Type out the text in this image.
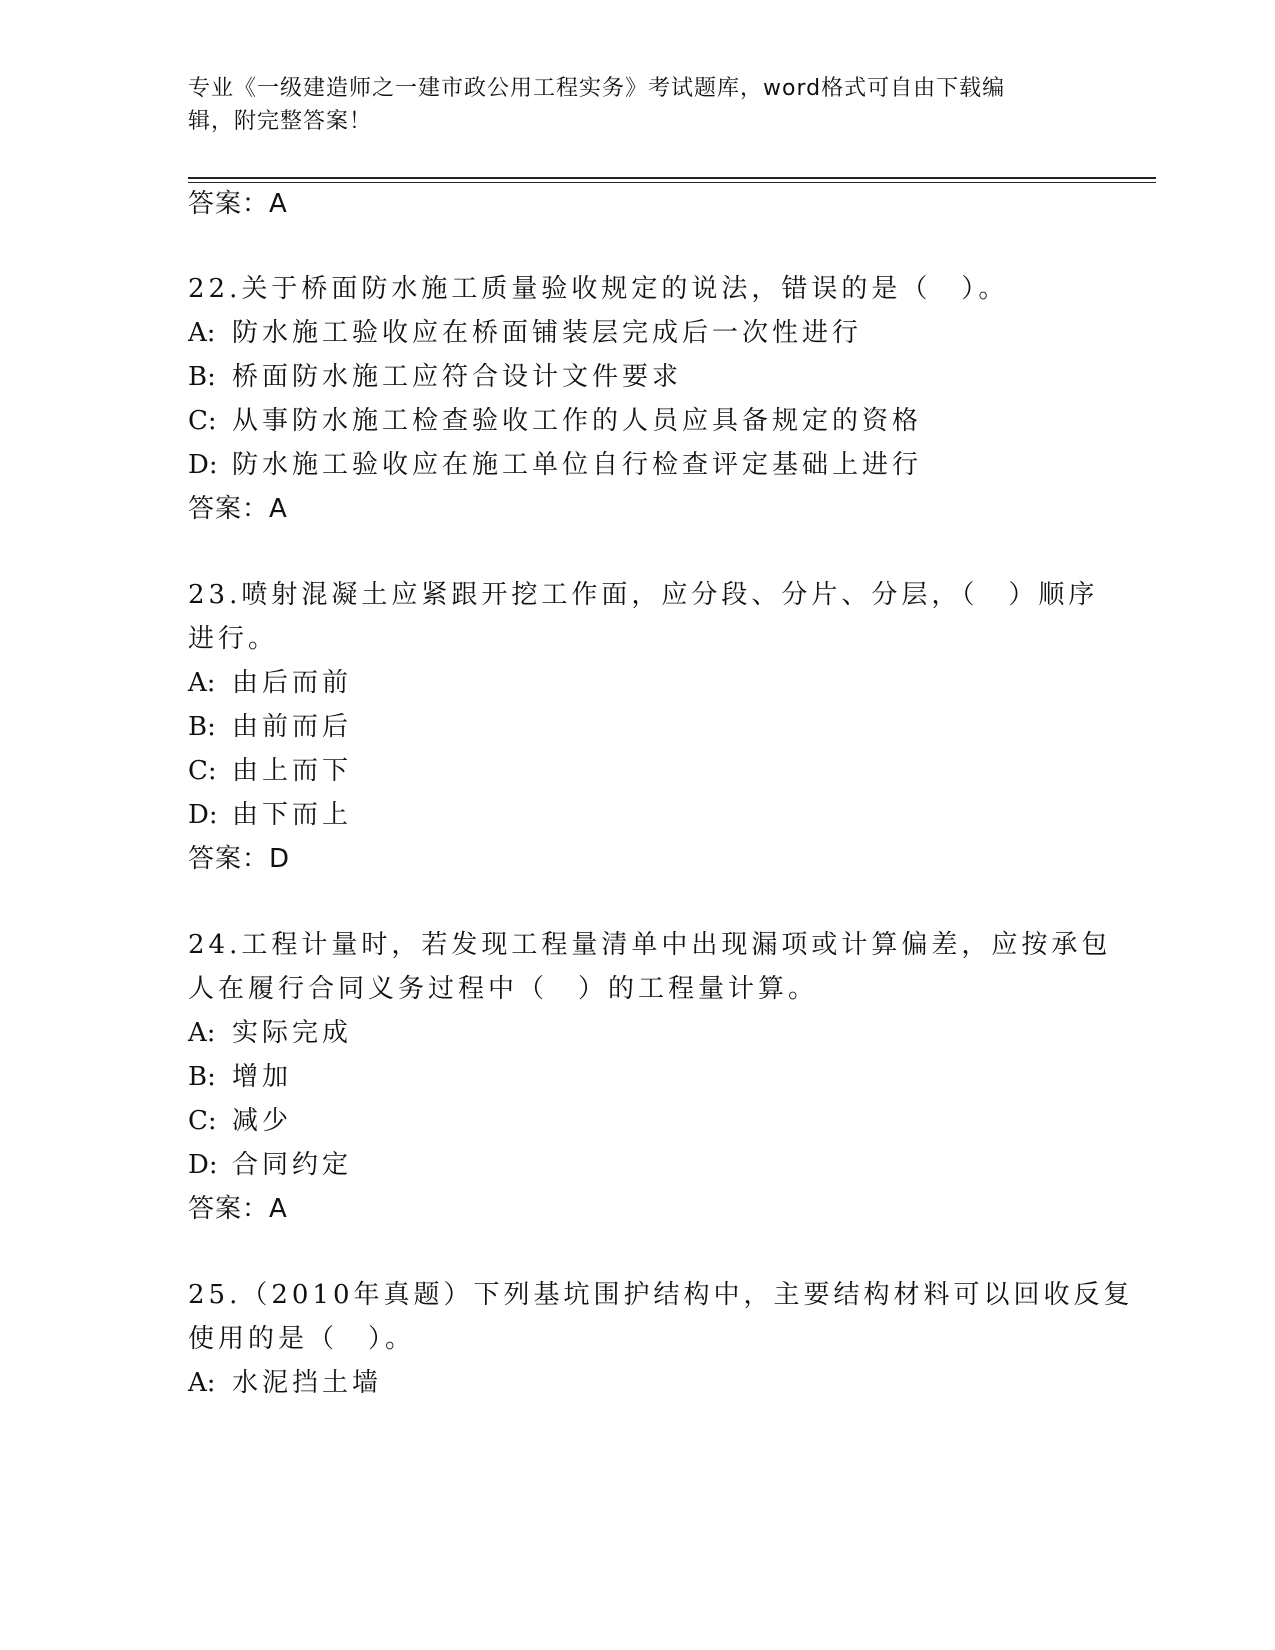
专业《一级建造师之一建市政公用工程实务》考试题库，word格式可自由下载编
辑，附完整答案！
答案：A
22.关于桥面防水施工质量验收规定的说法，错误的是（　）。
A: 防水施工验收应在桥面铺装层完成后一次性进行
B: 桥面防水施工应符合设计文件要求
C: 从事防水施工检查验收工作的人员应具备规定的资格
D: 防水施工验收应在施工单位自行检查评定基础上进行
答案：A
23.喷射混凝土应紧跟开挖工作面，应分段、分片、分层，（　）顺序
进行。
A: 由后而前
B: 由前而后
C: 由上而下
D: 由下而上
答案：D
24.工程计量时，若发现工程量清单中出现漏项或计算偏差，应按承包
人在履行合同义务过程中（　）的工程量计算。
A: 实际完成
B: 增加
C: 减少
D: 合同约定
答案：A
25.（2010年真题）下列基坑围护结构中，主要结构材料可以回收反复
使用的是（　）。
A: 水泥挡土墙
